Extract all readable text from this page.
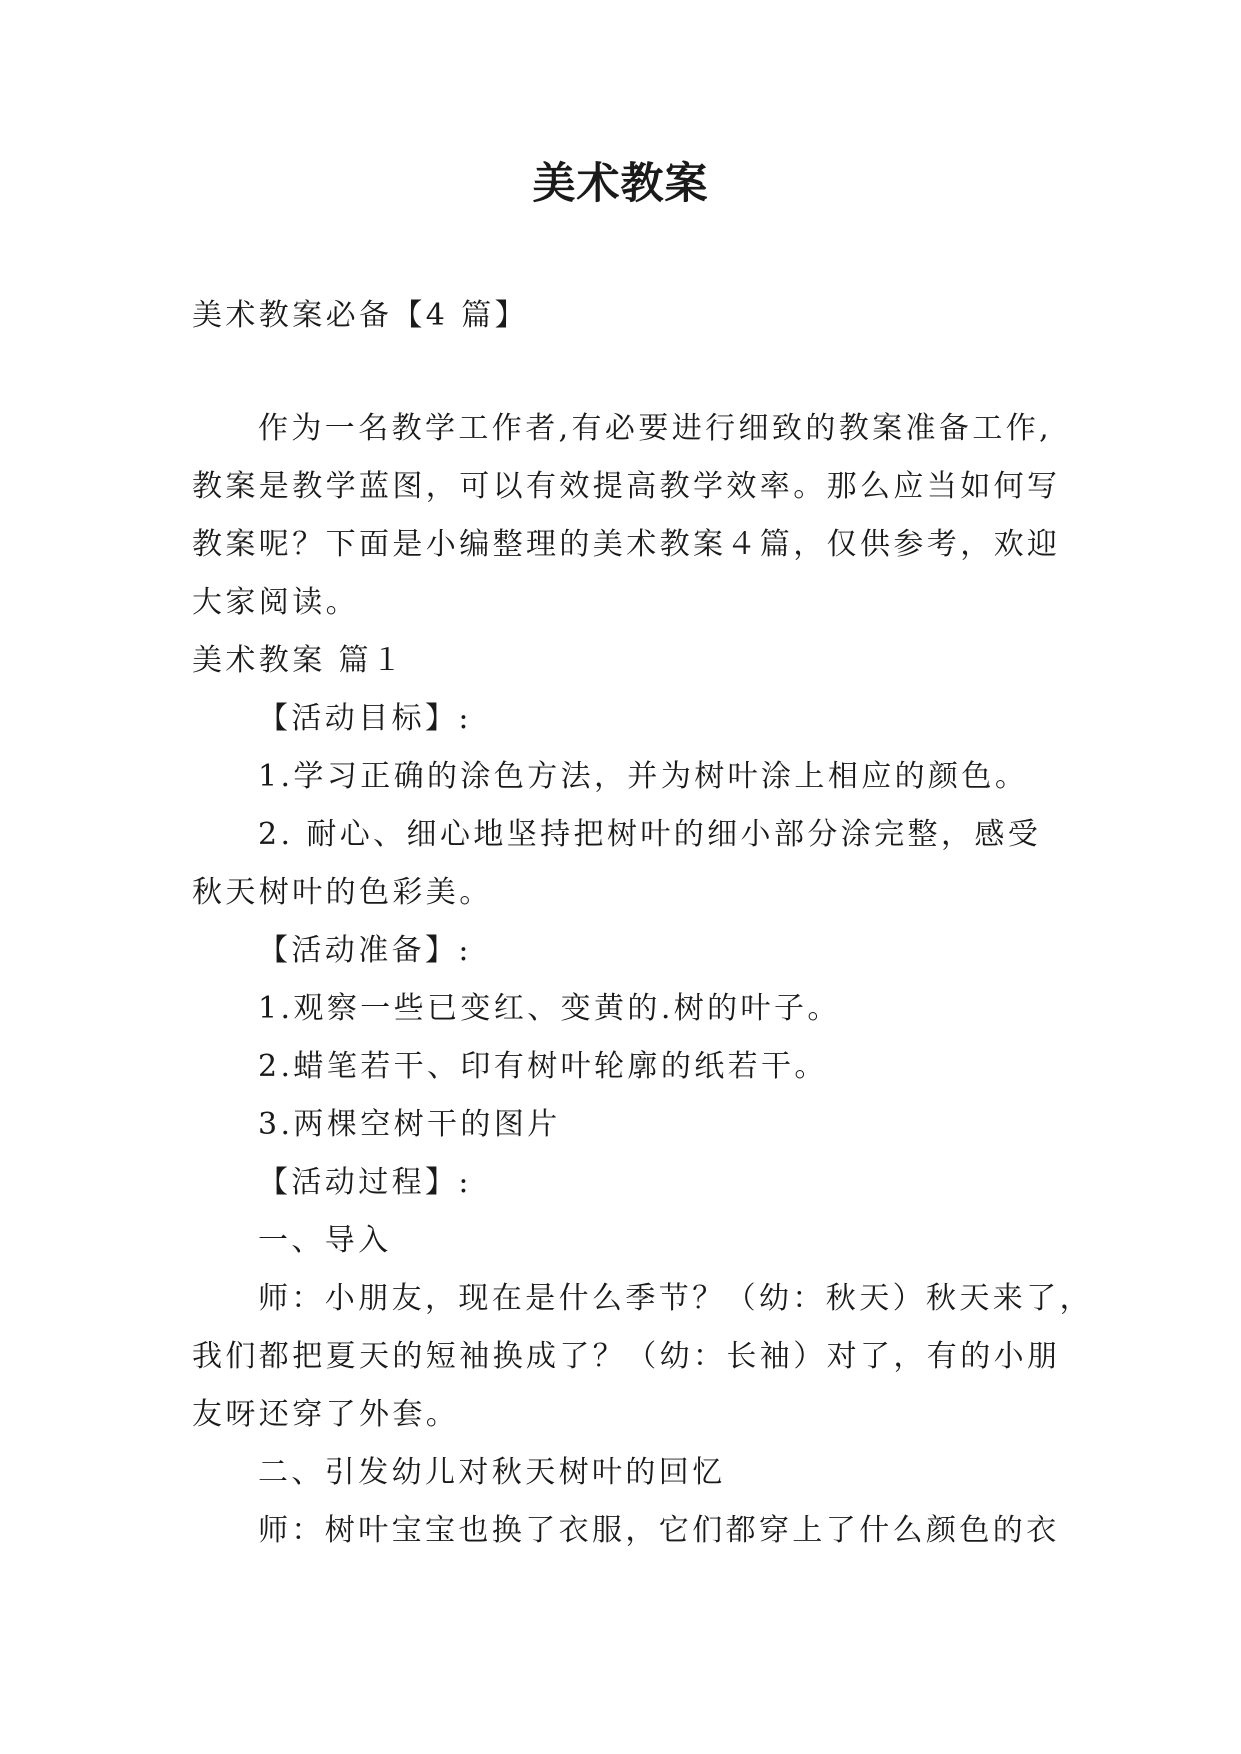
美术教案
美术教案必备【4 篇】
作为一名教学工作者,有必要进行细致的教案准备工作,
教案是教学蓝图，可以有效提高教学效率。那么应当如何写
教案呢？下面是小编整理的美术教案４篇，仅供参考，欢迎
大家阅读。
美术教案 篇１
【活动目标】:
1.学习正确的涂色方法，并为树叶涂上相应的颜色。
2. 耐心、细心地坚持把树叶的细小部分涂完整，感受
秋天树叶的色彩美。
【活动准备】:
1.观察一些已变红、变黄的.树的叶子。
2.蜡笔若干、印有树叶轮廓的纸若干。
3.两棵空树干的图片
【活动过程】:
一、导入
师：小朋友，现在是什么季节？（幼：秋天）秋天来了，
我们都把夏天的短袖换成了？（幼：长袖）对了，有的小朋
友呀还穿了外套。
二、引发幼儿对秋天树叶的回忆
师：树叶宝宝也换了衣服，它们都穿上了什么颜色的衣
